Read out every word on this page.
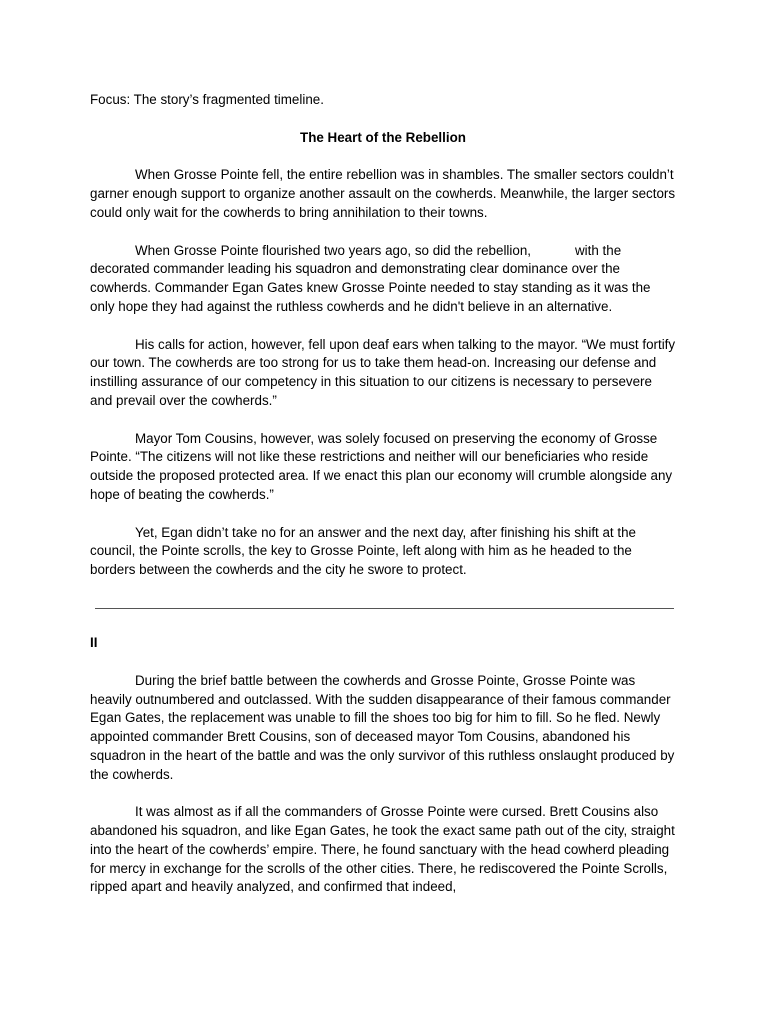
Focus: The story’s fragmented timeline.

The Heart of the Rebellion

When Grosse Pointe fell, the entire rebellion was in shambles. The smaller sectors couldn’t garner enough support to organize another assault on the cowherds. Meanwhile, the larger sectors could only wait for the cowherds to bring annihilation to their towns.

When Grosse Pointe flourished two years ago, so did the rebellion,	with the decorated commander leading his squadron and demonstrating clear dominance over the cowherds. Commander Egan Gates knew Grosse Pointe needed to stay standing as it was the only hope they had against the ruthless cowherds and he didn't believe in an alternative.

His calls for action, however, fell upon deaf ears when talking to the mayor. “We must fortify our town. The cowherds are too strong for us to take them head-on. Increasing our defense and instilling assurance of our competency in this situation to our citizens is necessary to persevere and prevail over the cowherds.”

Mayor Tom Cousins, however, was solely focused on preserving the economy of Grosse Pointe. “The citizens will not like these restrictions and neither will our beneficiaries who reside outside the proposed protected area. If we enact this plan our economy will crumble alongside any hope of beating the cowherds.”

Yet, Egan didn’t take no for an answer and the next day, after finishing his shift at the council, the Pointe scrolls, the key to Grosse Pointe, left along with him as he headed to the borders between the cowherds and the city he swore to protect.

II

During the brief battle between the cowherds and Grosse Pointe, Grosse Pointe was heavily outnumbered and outclassed. With the sudden disappearance of their famous commander Egan Gates, the replacement was unable to fill the shoes too big for him to fill. So he fled. Newly appointed commander Brett Cousins, son of deceased mayor Tom Cousins, abandoned his squadron in the heart of the battle and was the only survivor of this ruthless onslaught produced by the cowherds.

It was almost as if all the commanders of Grosse Pointe were cursed. Brett Cousins also abandoned his squadron, and like Egan Gates, he took the exact same path out of the city, straight into the heart of the cowherds’ empire. There, he found sanctuary with the head cowherd pleading for mercy in exchange for the scrolls of the other cities. There, he rediscovered the Pointe Scrolls, ripped apart and heavily analyzed, and confirmed that indeed,
